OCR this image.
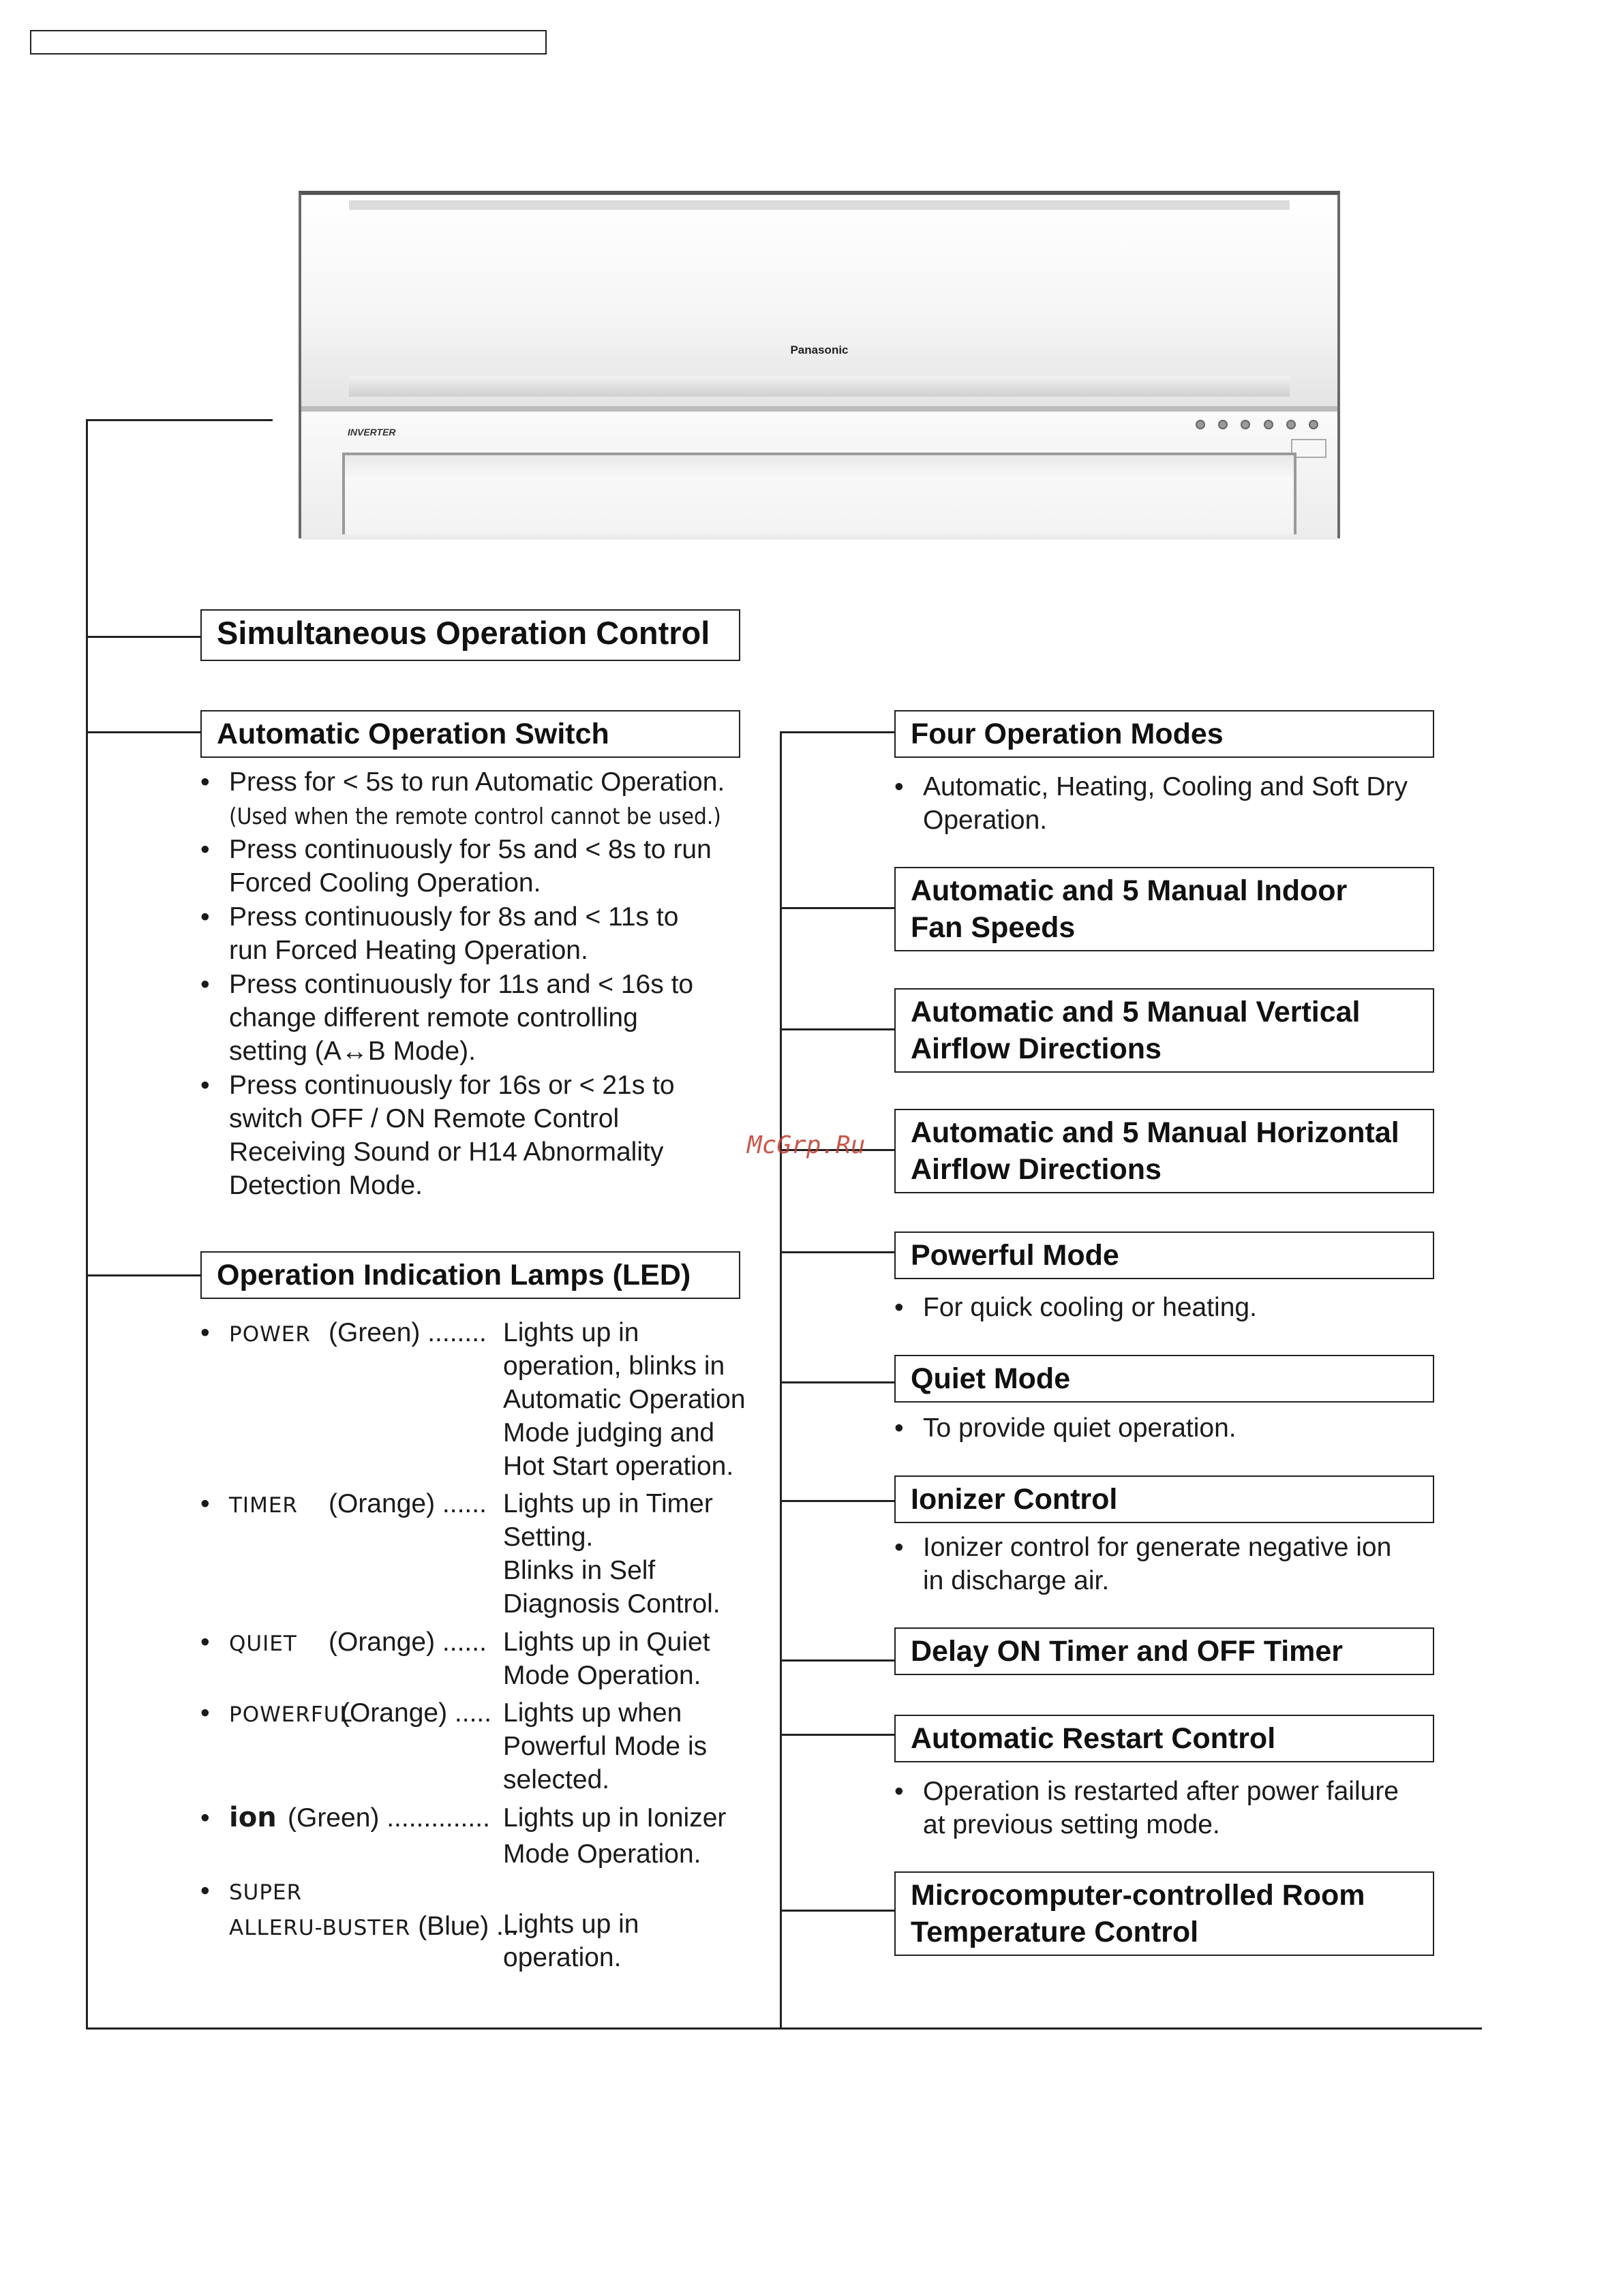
Panasonic
INVERTER
Simultaneous Operation Control
Automatic Operation Switch
• Press for < 5s to run Automatic Operation.
(Used when the remote control cannot be used.)
• Press continuously for 5s and < 8s to run
Forced Cooling Operation.
• Press continuously for 8s and < 11s to
run Forced Heating Operation.
• Press continuously for 11s and < 16s to
change different remote controlling
setting (A↔B Mode).
• Press continuously for 16s or < 21s to
switch OFF / ON Remote Control
Receiving Sound or H14 Abnormality
Detection Mode.
Operation Indication Lamps (LED)
• POWER (Green) ........ Lights up in
operation, blinks in
Automatic Operation
Mode judging and
Hot Start operation.
• TIMER (Orange) ...... Lights up in Timer
Setting.
Blinks in Self
Diagnosis Control.
• QUIET (Orange) ...... Lights up in Quiet
Mode Operation.
• POWERFUL
(Orange) ..... Lights up when
Powerful Mode is
selected.
• ion (Green) .............. Lights up in Ionizer
Mode Operation.
• SUPER
ALLERU-BUSTER (Blue) ...
Lights up in
operation.
Four Operation Modes
• Automatic, Heating, Cooling and Soft Dry
Operation.
Automatic and 5 Manual Indoor
Fan Speeds
Automatic and 5 Manual Vertical
Airflow Directions
Automatic and 5 Manual Horizontal
Airflow Directions
Powerful Mode
• For quick cooling or heating.
Quiet Mode
• To provide quiet operation.
Ionizer Control
• Ionizer control for generate negative ion
in discharge air.
Delay ON Timer and OFF Timer
Automatic Restart Control
• Operation is restarted after power failure
at previous setting mode.
Microcomputer-controlled Room
Temperature Control
McGrp.Ru
